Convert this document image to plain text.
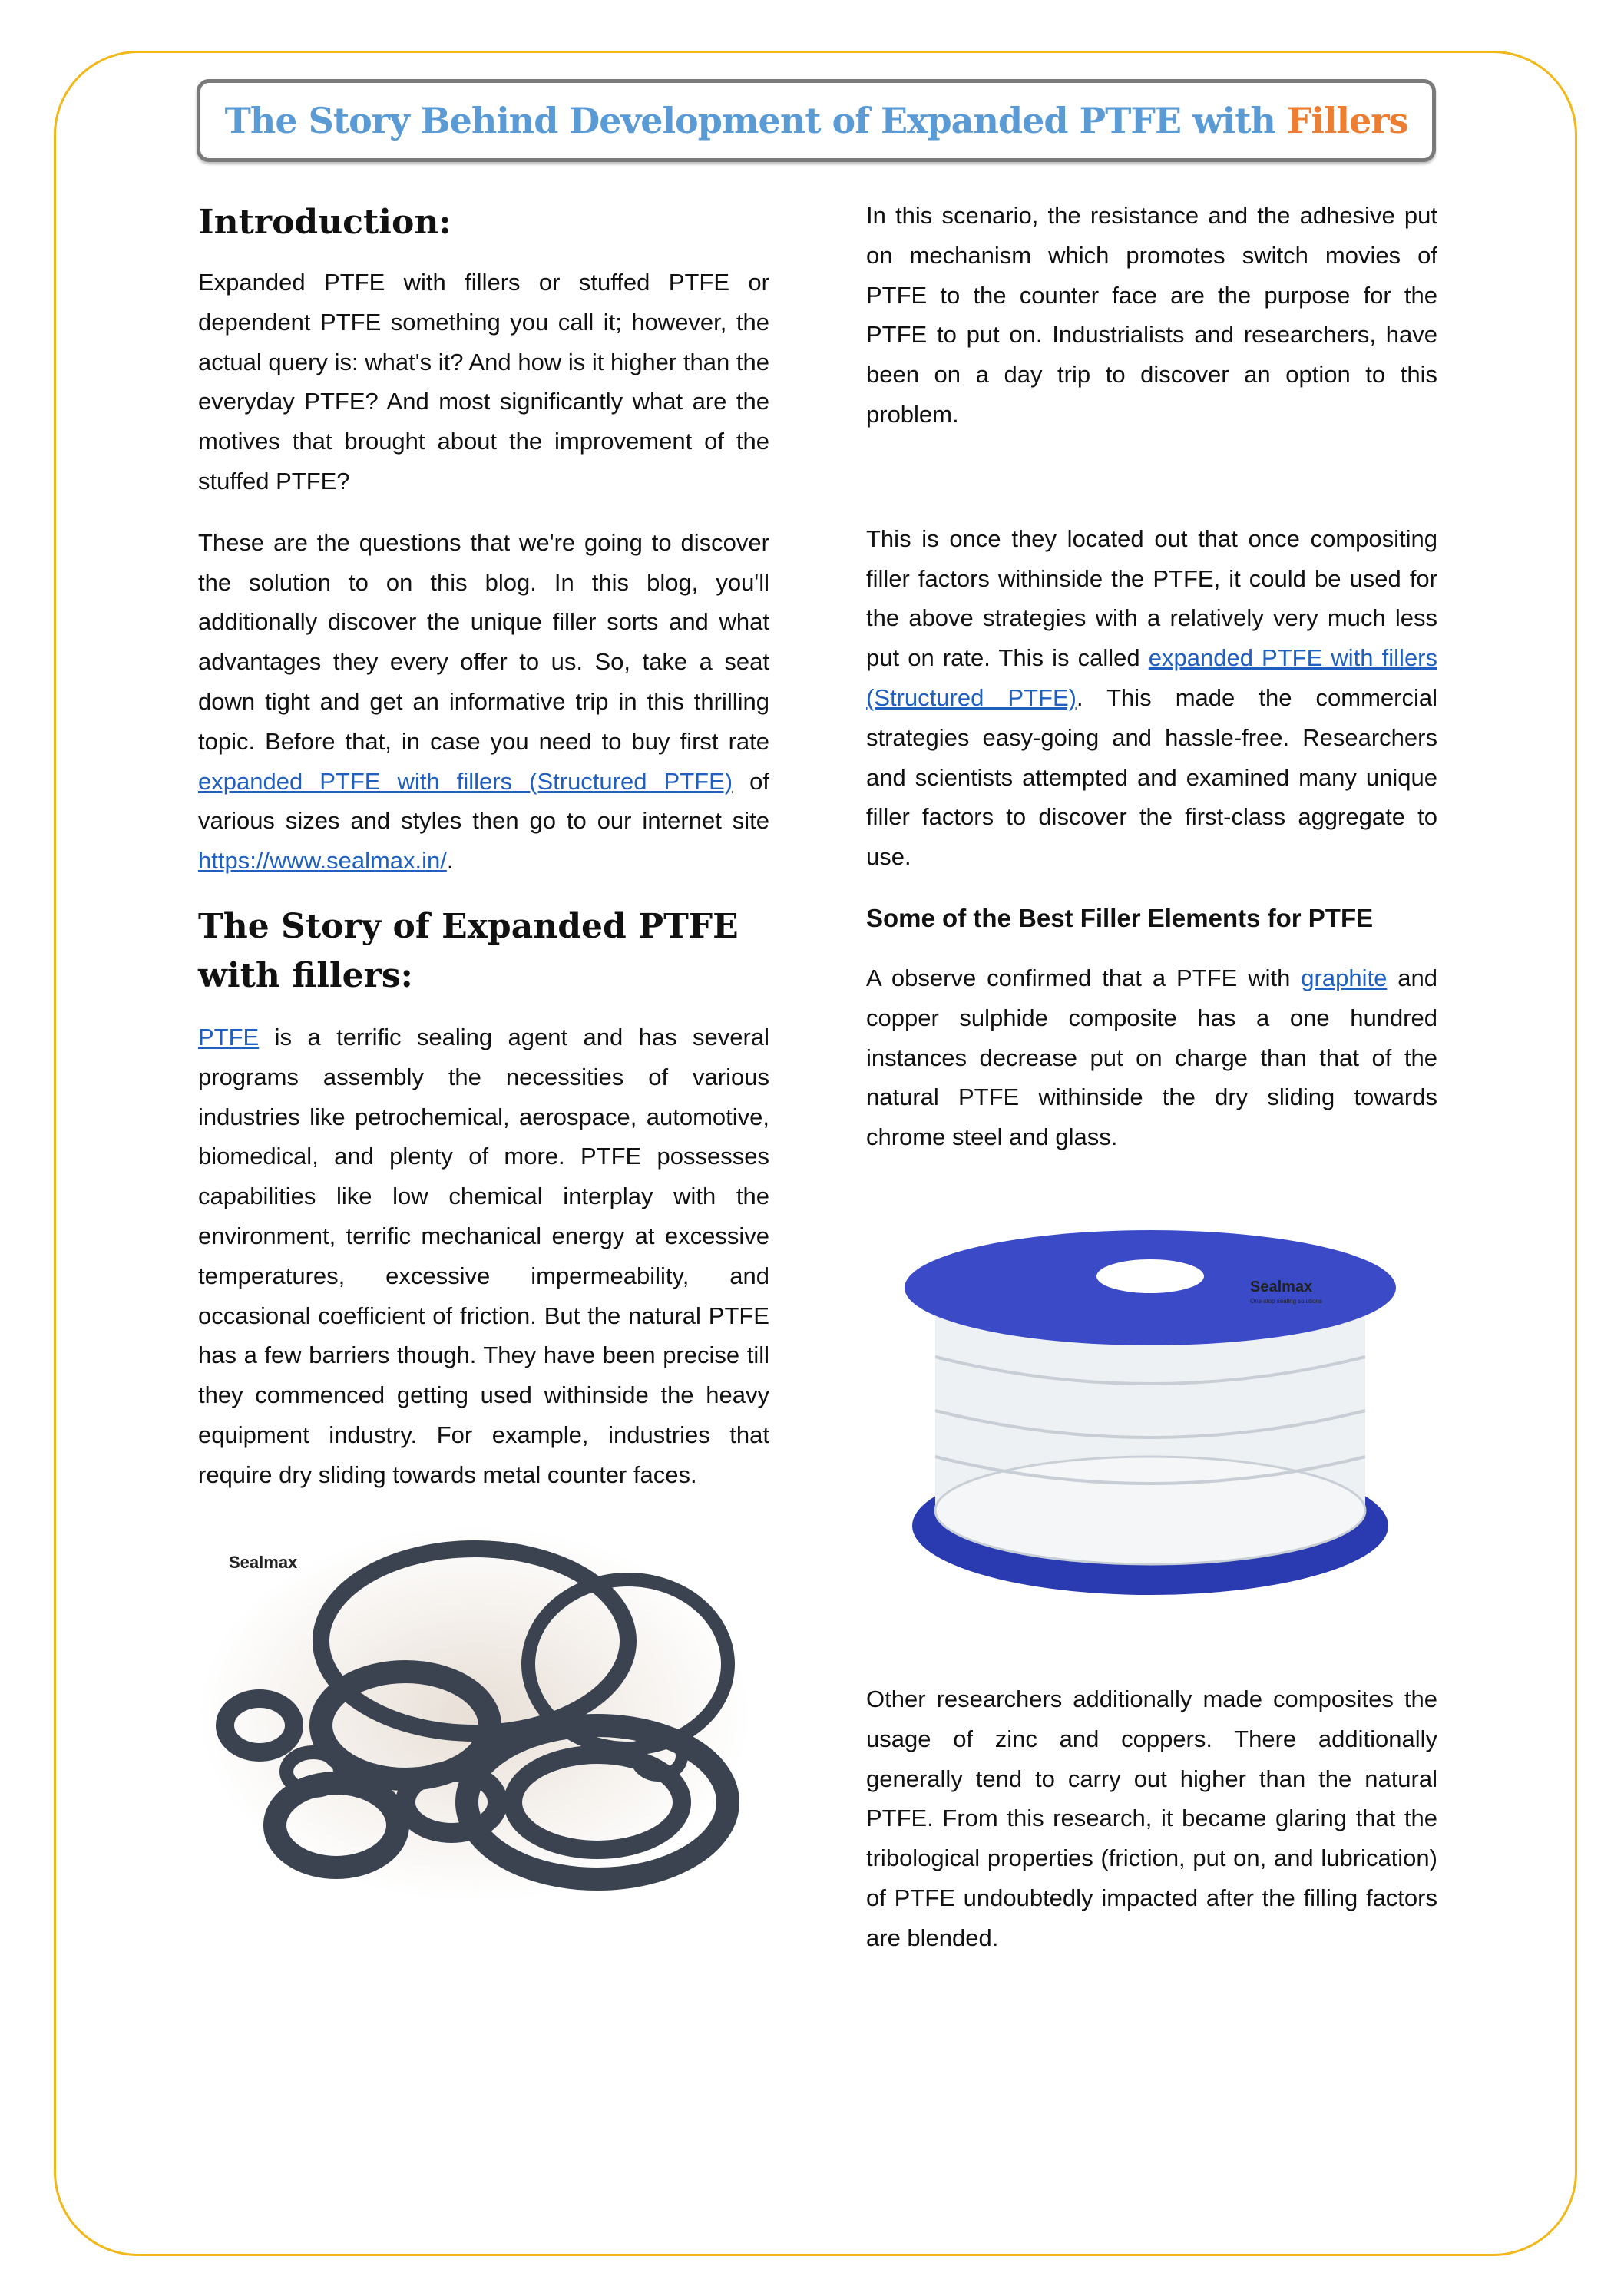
The Story Behind Development of Expanded PTFE with Fillers
Introduction:

Expanded PTFE with fillers or stuffed PTFE or dependent PTFE something you call it; however, the actual query is: what's it? And how is it higher than the everyday PTFE? And most significantly what are the motives that brought about the improvement of the stuffed PTFE?

These are the questions that we're going to discover the solution to on this blog. In this blog, you'll additionally discover the unique filler sorts and what advantages they every offer to us. So, take a seat down tight and get an informative trip in this thrilling topic. Before that, in case you need to buy first rate expanded PTFE with fillers (Structured PTFE) of various sizes and styles then go to our internet site https://www.sealmax.in/.

The Story of Expanded PTFE with fillers:

PTFE is a terrific sealing agent and has several programs assembly the necessities of various industries like petrochemical, aerospace, automotive, biomedical, and plenty of more. PTFE possesses capabilities like low chemical interplay with the environment, terrific mechanical energy at excessive temperatures, excessive impermeability, and occasional coefficient of friction. But the natural PTFE has a few barriers though. They have been precise till they commenced getting used withinside the heavy equipment industry. For example, industries that require dry sliding towards metal counter faces.

Sealmax

In this scenario, the resistance and the adhesive put on mechanism which promotes switch movies of PTFE to the counter face are the purpose for the PTFE to put on. Industrialists and researchers, have been on a day trip to discover an option to this problem.

This is once they located out that once compositing filler factors withinside the PTFE, it could be used for the above strategies with a relatively very much less put on rate. This is called expanded PTFE with fillers (Structured PTFE). This made the commercial strategies easy-going and hassle-free. Researchers and scientists attempted and examined many unique filler factors to discover the first-class aggregate to use.

Some of the Best Filler Elements for PTFE

A observe confirmed that a PTFE with graphite and copper sulphide composite has a one hundred instances decrease put on charge than that of the natural PTFE withinside the dry sliding towards chrome steel and glass.

Sealmax
One stop sealing solutions

Other researchers additionally made composites the usage of zinc and coppers. There additionally generally tend to carry out higher than the natural PTFE. From this research, it became glaring that the tribological properties (friction, put on, and lubrication) of PTFE undoubtedly impacted after the filling factors are blended.
